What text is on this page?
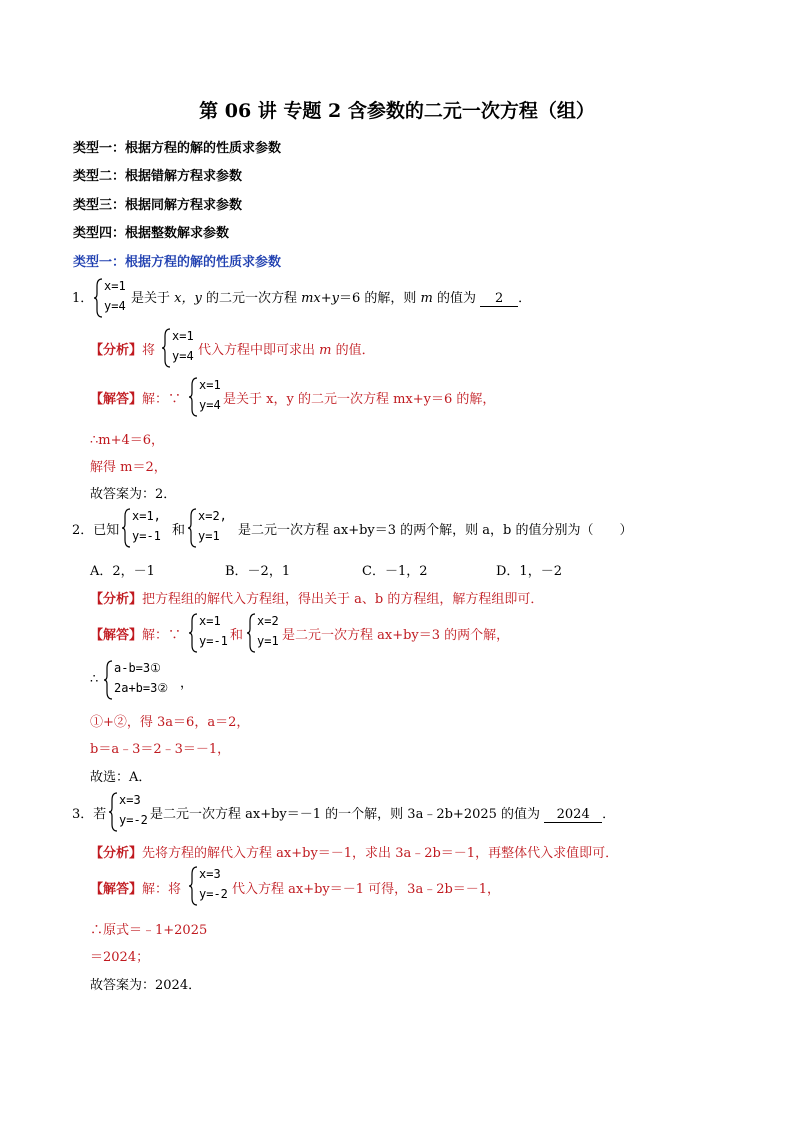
第 06 讲 专题 2 含参数的二元一次方程（组）
类型一：根据方程的解的性质求参数
类型二：根据错解方程求参数
类型三：根据同解方程求参数
类型四：根据整数解求参数
类型一：根据方程的解的性质求参数
1．
x=1
y=4 是关于 x，y 的二元一次方程 mx+y＝6 的解，则 m 的值为 2 ．
【分析】将
x=1
y=4 代入方程中即可求出 m 的值．
【解答】解：∵
x=1
y=4 是关于 x，y 的二元一次方程 mx+y＝6 的解，
∴m+4＝6，
解得 m＝2，
故答案为：2．
2．已知
x=1,
y=-1 和
x=2,
y=1 是二元一次方程 ax+by＝3 的两个解，则 a，b 的值分别为（　　）
A．2，－1	B．－2，1	C．－1，2	D．1，－2
【分析】把方程组的解代入方程组，得出关于 a、b 的方程组，解方程组即可．
【解答】解：∵
x=1
y=-1 和
x=2
y=1 是二元一次方程 ax+by＝3 的两个解，
∴
a-b=3①
2a+b=3② ，
①+②，得 3a＝6，a＝2，
b＝a﹣3＝2﹣3＝－1，
故选：A．
3．若
x=3
y=-2 是二元一次方程 ax+by＝－1 的一个解，则 3a﹣2b+2025 的值为 2024 ．
【分析】先将方程的解代入方程 ax+by＝－1，求出 3a﹣2b＝－1，再整体代入求值即可．
【解答】解：将
x=3
y=-2 代入方程 ax+by＝－1 可得，3a﹣2b＝－1，
∴原式＝﹣1+2025
＝2024；
故答案为：2024．
